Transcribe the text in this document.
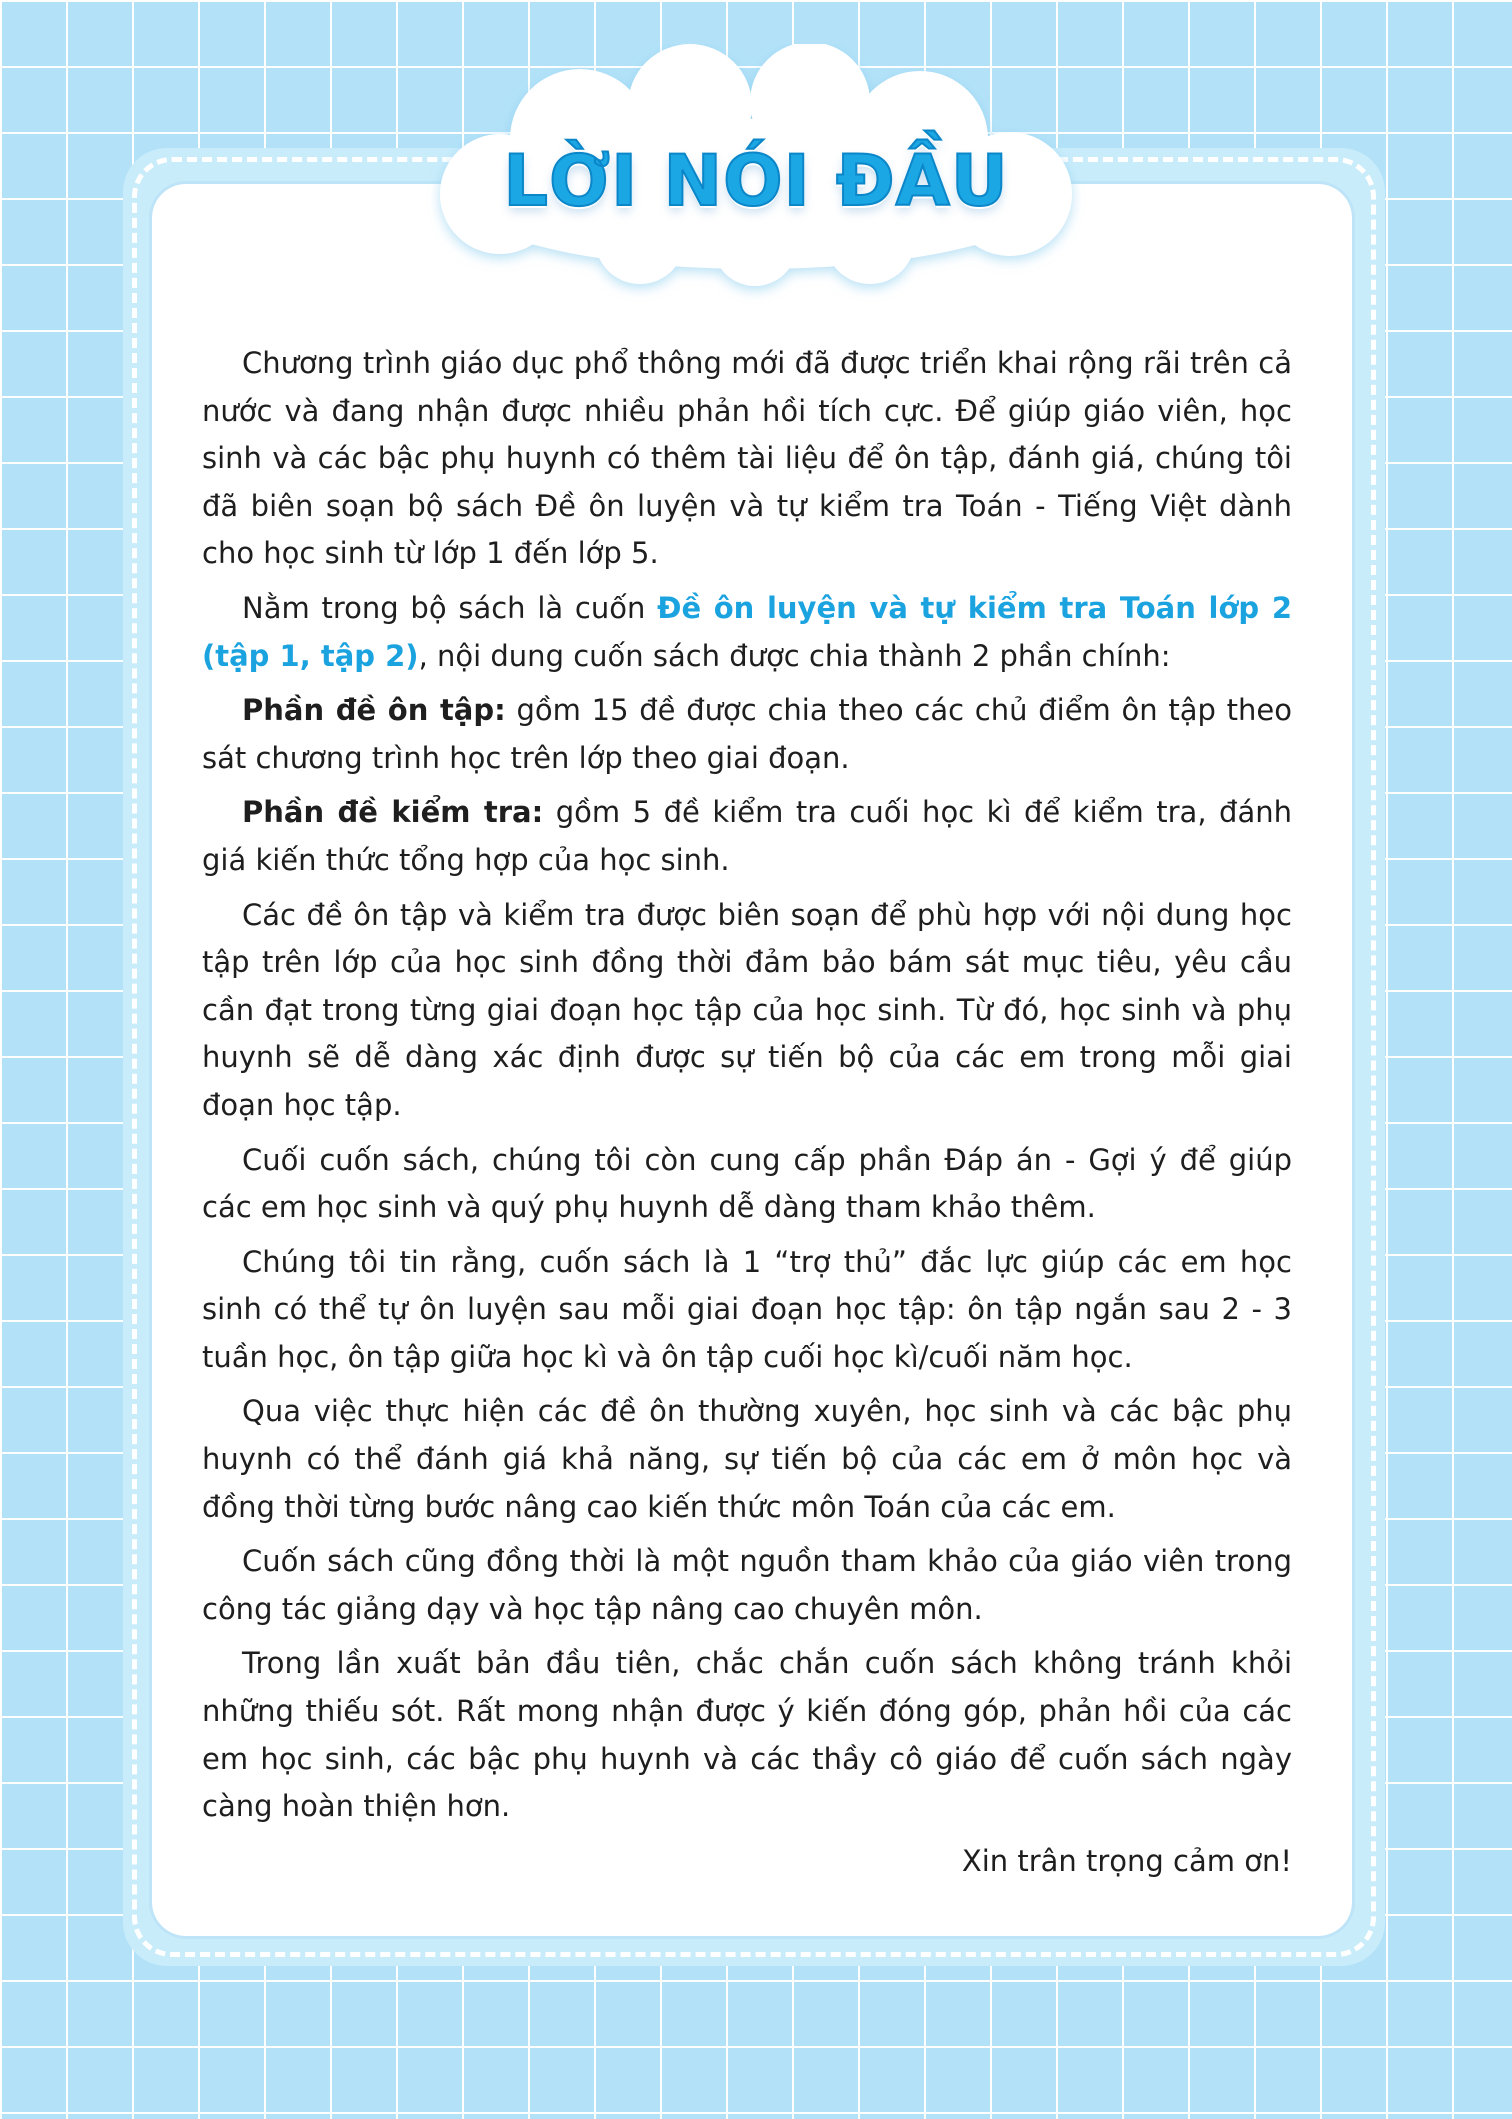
LỜI NÓI ĐẦU

Chương trình giáo dục phổ thông mới đã được triển khai rộng rãi trên cả nước và đang nhận được nhiều phản hồi tích cực. Để giúp giáo viên, học sinh và các bậc phụ huynh có thêm tài liệu để ôn tập, đánh giá, chúng tôi đã biên soạn bộ sách Đề ôn luyện và tự kiểm tra Toán - Tiếng Việt dành cho học sinh từ lớp 1 đến lớp 5.

Nằm trong bộ sách là cuốn Đề ôn luyện và tự kiểm tra Toán lớp 2 (tập 1, tập 2), nội dung cuốn sách được chia thành 2 phần chính:

Phần đề ôn tập: gồm 15 đề được chia theo các chủ điểm ôn tập theo sát chương trình học trên lớp theo giai đoạn.

Phần đề kiểm tra: gồm 5 đề kiểm tra cuối học kì để kiểm tra, đánh giá kiến thức tổng hợp của học sinh.

Các đề ôn tập và kiểm tra được biên soạn để phù hợp với nội dung học tập trên lớp của học sinh đồng thời đảm bảo bám sát mục tiêu, yêu cầu cần đạt trong từng giai đoạn học tập của học sinh. Từ đó, học sinh và phụ huynh sẽ dễ dàng xác định được sự tiến bộ của các em trong mỗi giai đoạn học tập.

Cuối cuốn sách, chúng tôi còn cung cấp phần Đáp án - Gợi ý để giúp các em học sinh và quý phụ huynh dễ dàng tham khảo thêm.

Chúng tôi tin rằng, cuốn sách là 1 “trợ thủ” đắc lực giúp các em học sinh có thể tự ôn luyện sau mỗi giai đoạn học tập: ôn tập ngắn sau 2 - 3 tuần học, ôn tập giữa học kì và ôn tập cuối học kì/cuối năm học.

Qua việc thực hiện các đề ôn thường xuyên, học sinh và các bậc phụ huynh có thể đánh giá khả năng, sự tiến bộ của các em ở môn học và đồng thời từng bước nâng cao kiến thức môn Toán của các em.

Cuốn sách cũng đồng thời là một nguồn tham khảo của giáo viên trong công tác giảng dạy và học tập nâng cao chuyên môn.

Trong lần xuất bản đầu tiên, chắc chắn cuốn sách không tránh khỏi những thiếu sót. Rất mong nhận được ý kiến đóng góp, phản hồi của các em học sinh, các bậc phụ huynh và các thầy cô giáo để cuốn sách ngày càng hoàn thiện hơn.

Xin trân trọng cảm ơn!
